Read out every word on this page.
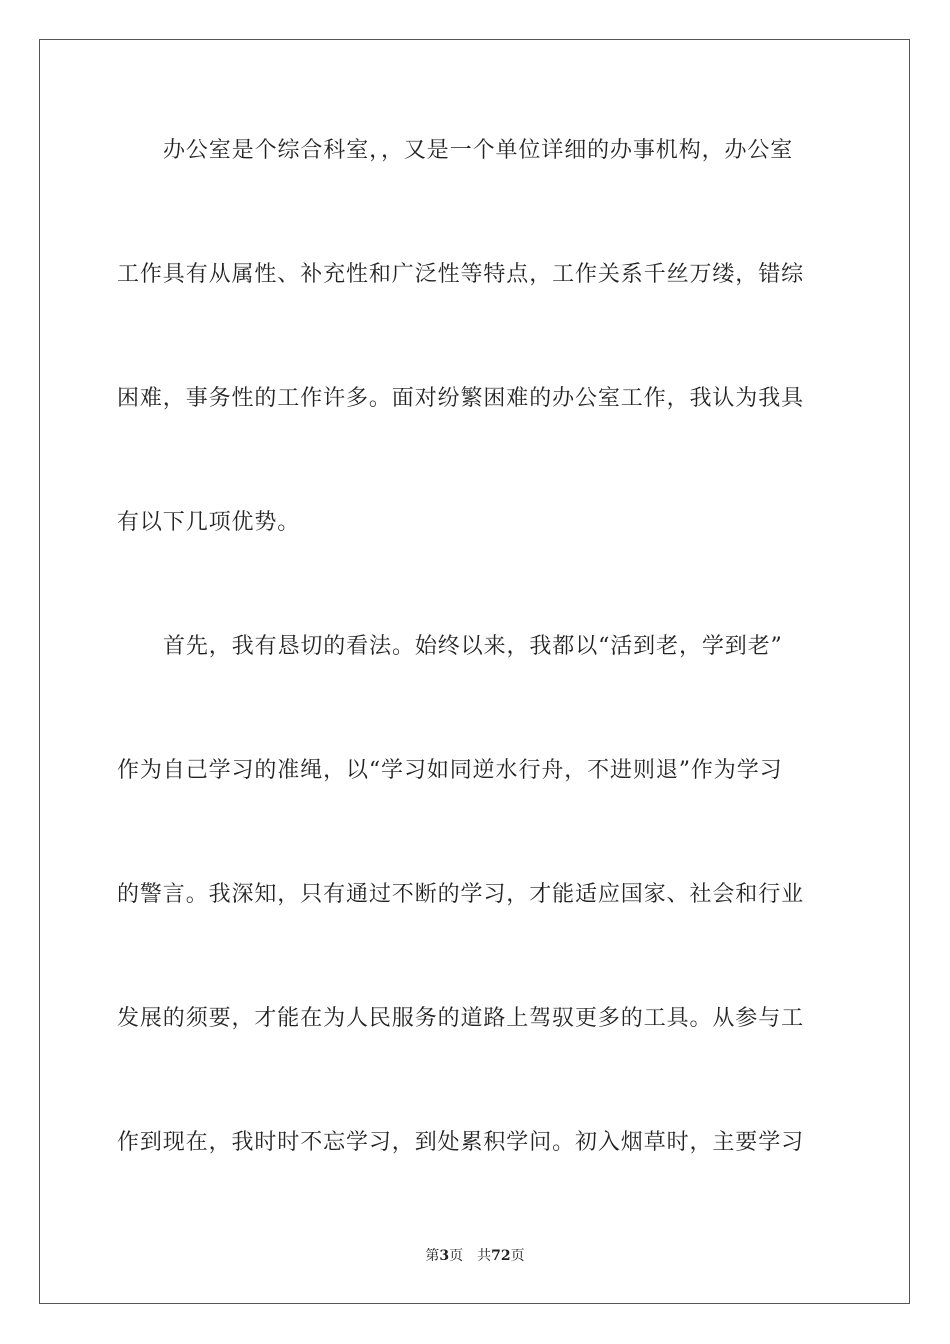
办公室是个综合科室，，又是一个单位详细的办事机构，办公室
工作具有从属性、补充性和广泛性等特点，工作关系千丝万缕，错综
困难，事务性的工作许多。面对纷繁困难的办公室工作，我认为我具
有以下几项优势。
首先，我有恳切的看法。始终以来，我都以“活到老，学到老”
作为自己学习的准绳，以“学习如同逆水行舟，不进则退”作为学习
的警言。我深知，只有通过不断的学习，才能适应国家、社会和行业
发展的须要，才能在为人民服务的道路上驾驭更多的工具。从参与工
作到现在，我时时不忘学习，到处累积学问。初入烟草时，主要学习
第3页 共72页
